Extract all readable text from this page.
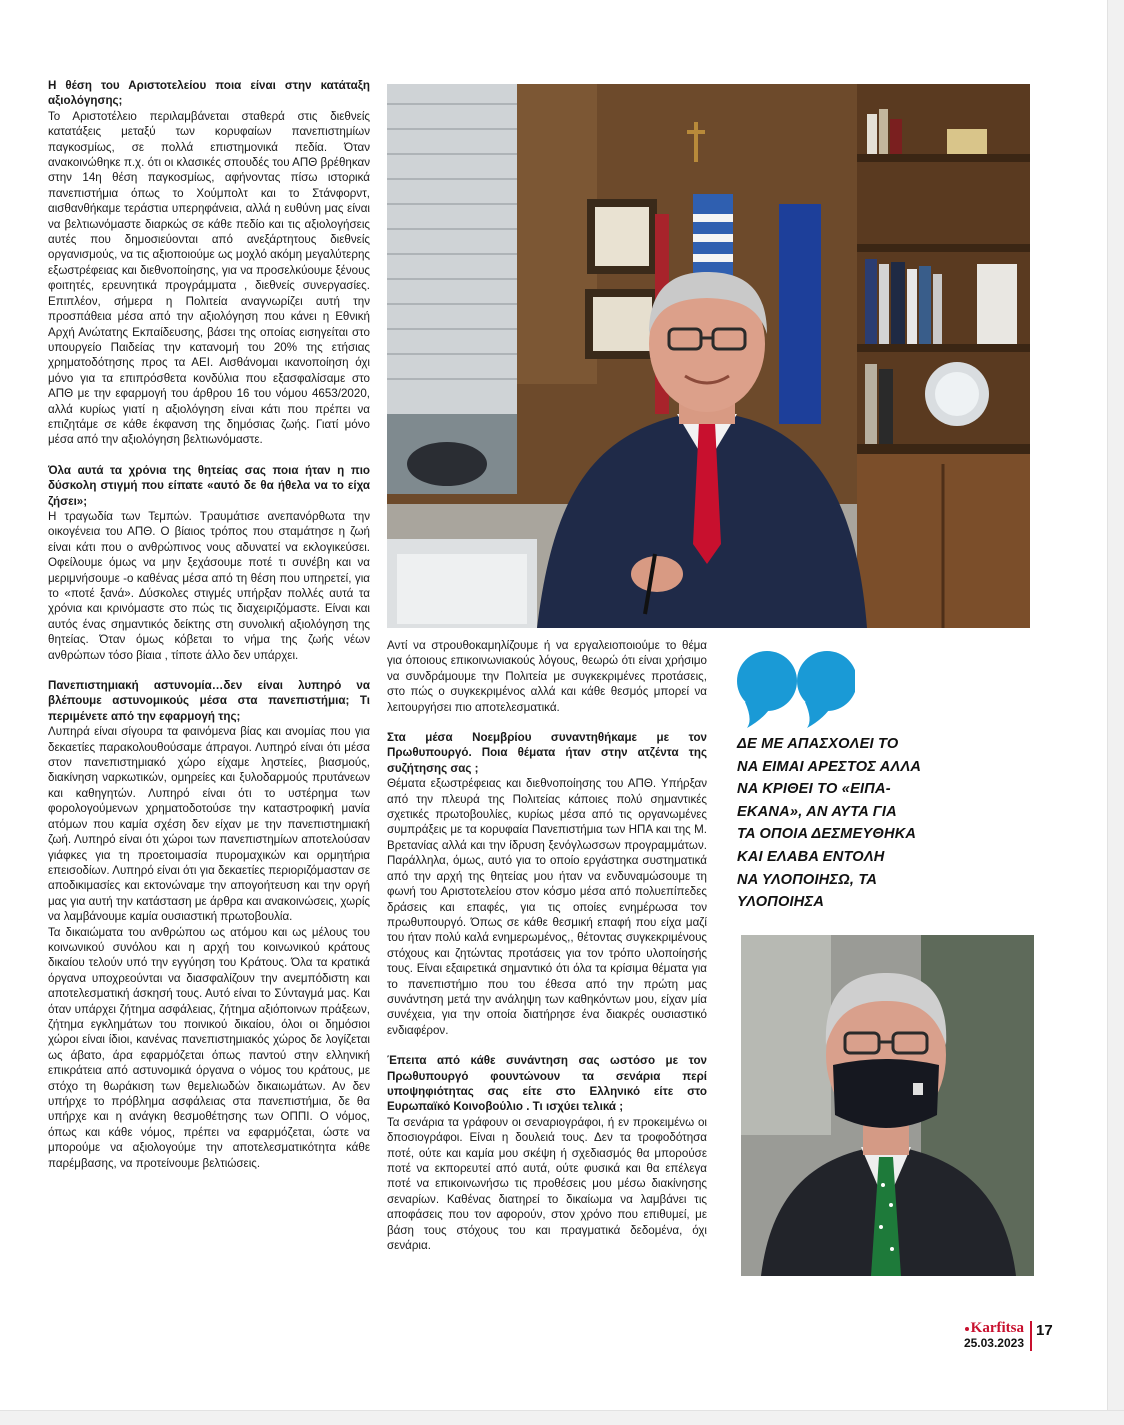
Η θέση του Αριστοτελείου ποια είναι στην κατάταξη αξιολόγησης;

Το Αριστοτέλειο περιλαμβάνεται σταθερά στις διεθνείς κατατάξεις μεταξύ των κορυφαίων πανεπιστημίων παγκοσμίως, σε πολλά επιστημονικά πεδία. Όταν ανακοινώθηκε π.χ. ότι οι κλασικές σπουδές του ΑΠΘ βρέθηκαν στην 14η θέση παγκοσμίως, αφήνοντας πίσω ιστορικά πανεπιστήμια όπως το Χούμπολτ και το Στάνφορντ, αισθανθήκαμε τεράστια υπερηφάνεια, αλλά η ευθύνη μας είναι να βελτιωνόμαστε διαρκώς σε κάθε πεδίο και τις αξιολογήσεις αυτές που δημοσιεύονται από ανεξάρτητους διεθνείς οργανισμούς, να τις αξιοποιούμε ως μοχλό ακόμη μεγαλύτερης εξωστρέφειας και διεθνοποίησης, για να προσελκύουμε ξένους φοιτητές, ερευνητικά προγράμματα , διεθνείς συνεργασίες. Επιπλέον, σήμερα η Πολιτεία αναγνωρίζει αυτή την προσπάθεια μέσα από την αξιολόγηση που κάνει η Εθνική Αρχή Ανώτατης Εκπαίδευσης, βάσει της οποίας εισηγείται στο υπουργείο Παιδείας την κατανομή του 20% της ετήσιας χρηματοδότησης προς τα ΑΕΙ. Αισθάνομαι ικανοποίηση όχι μόνο για τα επιπρόσθετα κονδύλια που εξασφαλίσαμε στο ΑΠΘ με την εφαρμογή του άρθρου 16 του νόμου 4653/2020, αλλά κυρίως γιατί η αξιολόγηση είναι κάτι που πρέπει να επιζητάμε σε κάθε έκφανση της δημόσιας ζωής. Γιατί μόνο μέσα από την αξιολόγηση βελτιωνόμαστε.

Όλα αυτά τα χρόνια της θητείας σας ποια ήταν η πιο δύσκολη στιγμή που είπατε «αυτό δε θα ήθελα να το είχα ζήσει»;

Η τραγωδία των Τεμπών. Τραυμάτισε ανεπανόρθωτα την οικογένεια του ΑΠΘ. Ο βίαιος τρόπος που σταμάτησε η ζωή είναι κάτι που ο ανθρώπινος νους αδυνατεί να εκλογικεύσει. Οφείλουμε όμως να μην ξεχάσουμε ποτέ τι συνέβη και να μεριμνήσουμε -ο καθένας μέσα από τη θέση που υπηρετεί, για το «ποτέ ξανά». Δύσκολες στιγμές υπήρξαν πολλές αυτά τα χρόνια και κρινόμαστε στο πώς τις διαχειριζόμαστε. Είναι και αυτός ένας σημαντικός δείκτης στη συνολική αξιολόγηση της θητείας. Όταν όμως κόβεται το νήμα της ζωής νέων ανθρώπων τόσο βίαια , τίποτε άλλο δεν υπάρχει.

Πανεπιστημιακή αστυνομία…δεν είναι λυπηρό να βλέπουμε αστυνομικούς μέσα στα πανεπιστήμια; Τι περιμένετε από την εφαρμογή της;

Λυπηρά είναι σίγουρα τα φαινόμενα βίας και ανομίας που για δεκαετίες παρακολουθούσαμε άπραγοι. Λυπηρό είναι ότι μέσα στον πανεπιστημιακό χώρο είχαμε ληστείες, βιασμούς, διακίνηση ναρκωτικών, ομηρείες και ξυλοδαρμούς πρυτάνεων και καθηγητών. Λυπηρό είναι ότι το υστέρημα των φορολογούμενων χρηματοδοτούσε την καταστροφική μανία ατόμων που καμία σχέση δεν είχαν με την πανεπιστημιακή ζωή. Λυπηρό είναι ότι χώροι των πανεπιστημίων αποτελούσαν γιάφκες για τη προετοιμασία πυρομαχικών και ορμητήρια επεισοδίων. Λυπηρό είναι ότι για δεκαετίες περιοριζόμασταν σε αποδικιμασίες και εκτονώναμε την απογοήτευση και την οργή μας για αυτή την κατάσταση με άρθρα και ανακοινώσεις, χωρίς να λαμβάνουμε καμία ουσιαστική πρωτοβουλία.

Τα δικαιώματα του ανθρώπου ως ατόμου και ως μέλους του κοινωνικού συνόλου και η αρχή του κοινωνικού κράτους δικαίου τελούν υπό την εγγύηση του Κράτους. Όλα τα κρατικά όργανα υποχρεούνται να διασφαλίζουν την ανεμπόδιστη και αποτελεσματική άσκησή τους. Αυτό είναι το Σύνταγμά μας. Και όταν υπάρχει ζήτημα ασφάλειας, ζήτημα αξιόποινων πράξεων, ζήτημα εγκλημάτων του ποινικού δικαίου, όλοι οι δημόσιοι χώροι είναι ίδιοι, κανένας πανεπιστημιακός χώρος δε λογίζεται ως άβατο, άρα εφαρμόζεται όπως παντού στην ελληνική επικράτεια από αστυνομικά όργανα ο νόμος του κράτους, με στόχο τη θωράκιση των θεμελιωδών δικαιωμάτων. Αν δεν υπήρχε το πρόβλημα ασφάλειας στα πανεπιστήμια, δε θα υπήρχε και η ανάγκη θεσμοθέτησης των ΟΠΠΙ. Ο νόμος, όπως και κάθε νόμος, πρέπει να εφαρμόζεται, ώστε να μπορούμε να αξιολογούμε την αποτελεσματικότητα κάθε παρέμβασης, να προτείνουμε βελτιώσεις.

Αντί να στρουθοκαμηλίζουμε ή να εργαλειοποιούμε το θέμα για όποιους επικοινωνιακούς λόγους, θεωρώ ότι είναι χρήσιμο να συνδράμουμε την Πολιτεία με συγκεκριμένες προτάσεις, στο πώς ο συγκεκριμένος αλλά και κάθε θεσμός μπορεί να λειτουργήσει πιο αποτελεσματικά.

Στα μέσα Νοεμβρίου συναντηθήκαμε με τον Πρωθυπουργό. Ποια θέματα ήταν στην ατζέντα της συζήτησης σας ;

Θέματα εξωστρέφειας και διεθνοποίησης του ΑΠΘ. Υπήρξαν από την πλευρά της Πολιτείας κάποιες πολύ σημαντικές σχετικές πρωτοβουλίες, κυρίως μέσα από τις οργανωμένες συμπράξεις με τα κορυφαία Πανεπιστήμια των ΗΠΑ και της Μ. Βρετανίας αλλά και την ίδρυση ξενόγλωσσων προγραμμάτων. Παράλληλα, όμως, αυτό για το οποίο εργάστηκα συστηματικά από την αρχή της θητείας μου ήταν να ενδυναμώσουμε τη φωνή του Αριστοτελείου στον κόσμο μέσα από πολυεπίπεδες δράσεις και επαφές, για τις οποίες ενημέρωσα τον πρωθυπουργό. Όπως σε κάθε θεσμική επαφή που είχα μαζί του ήταν πολύ καλά ενημερωμένος,, θέτοντας συγκεκριμένους στόχους και ζητώντας προτάσεις για τον τρόπο υλοποίησής τους. Είναι εξαιρετικά σημαντικό ότι όλα τα κρίσιμα θέματα για το πανεπιστήμιο που του έθεσα από την πρώτη μας συνάντηση μετά την ανάληψη των καθηκόντων μου, είχαν μία συνέχεια, για την οποία διατήρησε ένα διακρές ουσιαστικό ενδιαφέρον.

Έπειτα από κάθε συνάντηση σας ωστόσο με τον Πρωθυπουργό φουντώνουν τα σενάρια περί υποψηφιότητας σας είτε στο Ελληνικό είτε στο Ευρωπαϊκό Κοινοβούλιο . Τι ισχύει τελικά ;

Τα σενάρια τα γράφουν οι σεναριογράφοι, ή εν προκειμένω οι δποσιογράφοι. Είναι η δουλειά τους. Δεν τα τροφοδότησα ποτέ, ούτε και καμία μου σκέψη ή σχεδιασμός θα μπορούσε ποτέ να εκπορευτεί από αυτά, ούτε φυσικά και θα επέλεγα ποτέ να επικοινωνήσω τις προθέσεις μου μέσω διακίνησης σεναρίων. Καθένας διατηρεί το δικαίωμα να λαμβάνει τις αποφάσεις που τον αφορούν, στον χρόνο που επιθυμεί, με βάση τους στόχους του και πραγματικά δεδομένα, όχι σενάρια.

ΔΕ ΜΕ ΑΠΑΣΧΟΛΕΙ ΤΟ
ΝΑ ΕΙΜΑΙ ΑΡΕΣΤΟΣ ΑΛΛΑ
ΝΑ ΚΡΙΘΕΙ ΤΟ «ΕΙΠΑ-
ΕΚΑΝΑ», ΑΝ ΑΥΤΑ ΓΙΑ
ΤΑ ΟΠΟΙΑ ΔΕΣΜΕΥΘΗΚΑ
ΚΑΙ ΕΛΑΒΑ ΕΝΤΟΛΗ
ΝΑ ΥΛΟΠΟΙΗΣΩ, ΤΑ
ΥΛΟΠΟΙΗΣΑ
Karfitsa
25.03.2023
17
